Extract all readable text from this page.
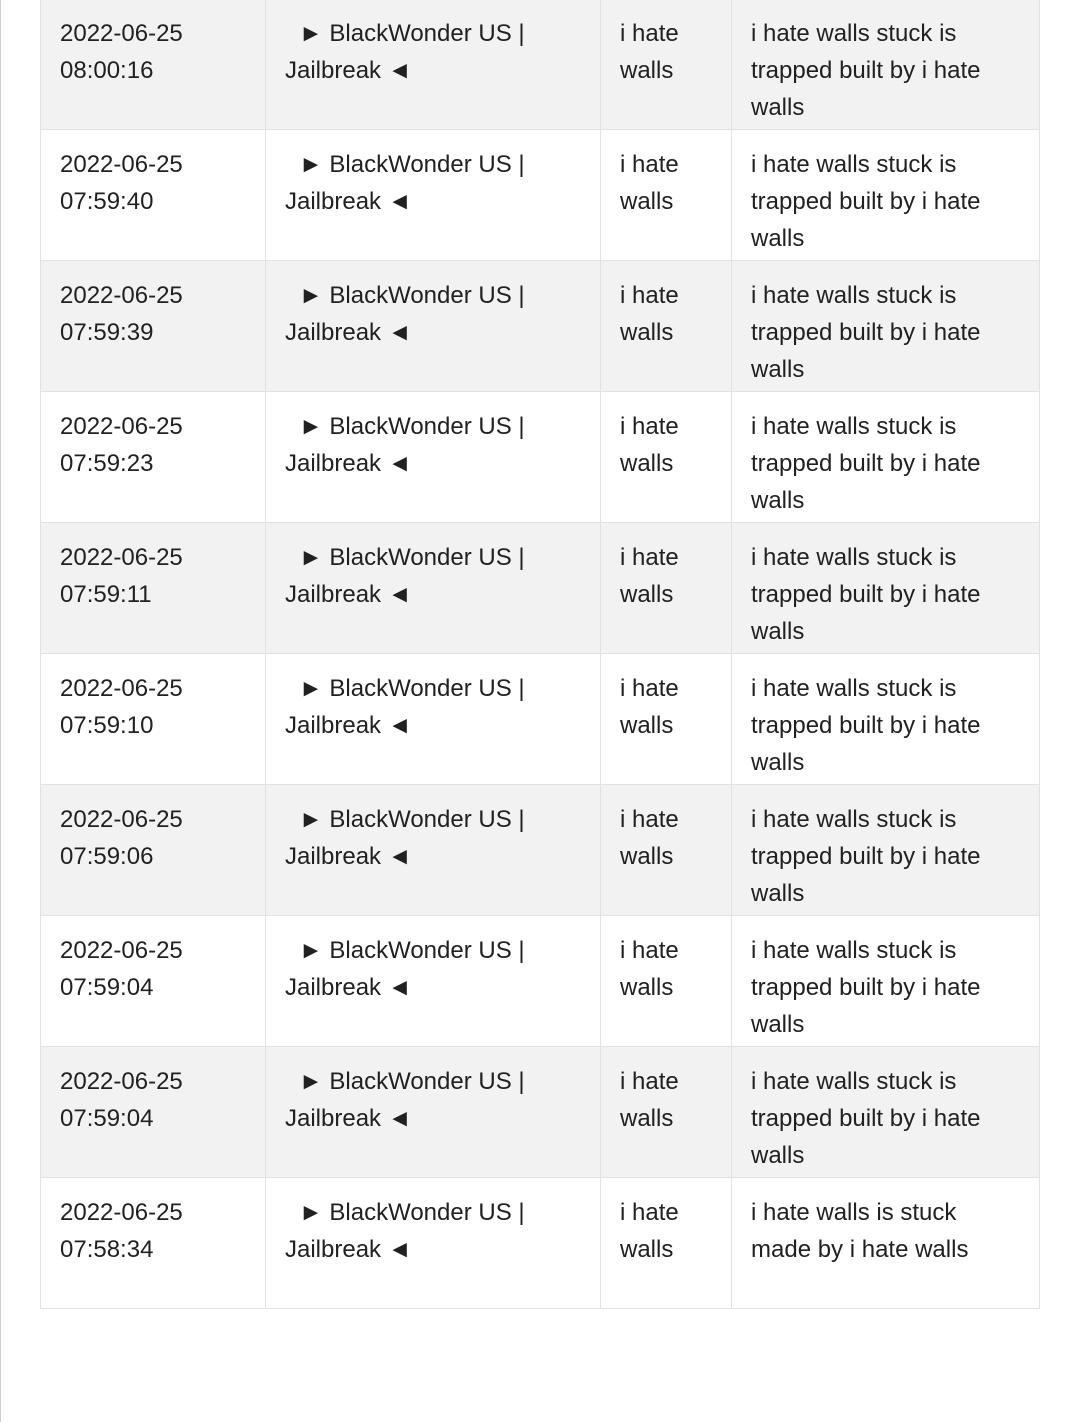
2022-06-25
08:00:16	► BlackWonder US | Jailbreak ◄	i hate walls	i hate walls stuck is trapped built by i hate walls
2022-06-25
07:59:40	► BlackWonder US | Jailbreak ◄	i hate walls	i hate walls stuck is trapped built by i hate walls
2022-06-25
07:59:39	► BlackWonder US | Jailbreak ◄	i hate walls	i hate walls stuck is trapped built by i hate walls
2022-06-25
07:59:23	► BlackWonder US | Jailbreak ◄	i hate walls	i hate walls stuck is trapped built by i hate walls
2022-06-25
07:59:11	► BlackWonder US | Jailbreak ◄	i hate walls	i hate walls stuck is trapped built by i hate walls
2022-06-25
07:59:10	► BlackWonder US | Jailbreak ◄	i hate walls	i hate walls stuck is trapped built by i hate walls
2022-06-25
07:59:06	► BlackWonder US | Jailbreak ◄	i hate walls	i hate walls stuck is trapped built by i hate walls
2022-06-25
07:59:04	► BlackWonder US | Jailbreak ◄	i hate walls	i hate walls stuck is trapped built by i hate walls
2022-06-25
07:59:04	► BlackWonder US | Jailbreak ◄	i hate walls	i hate walls stuck is trapped built by i hate walls
2022-06-25
07:58:34	► BlackWonder US | Jailbreak ◄	i hate walls	i hate walls is stuck made by i hate walls
